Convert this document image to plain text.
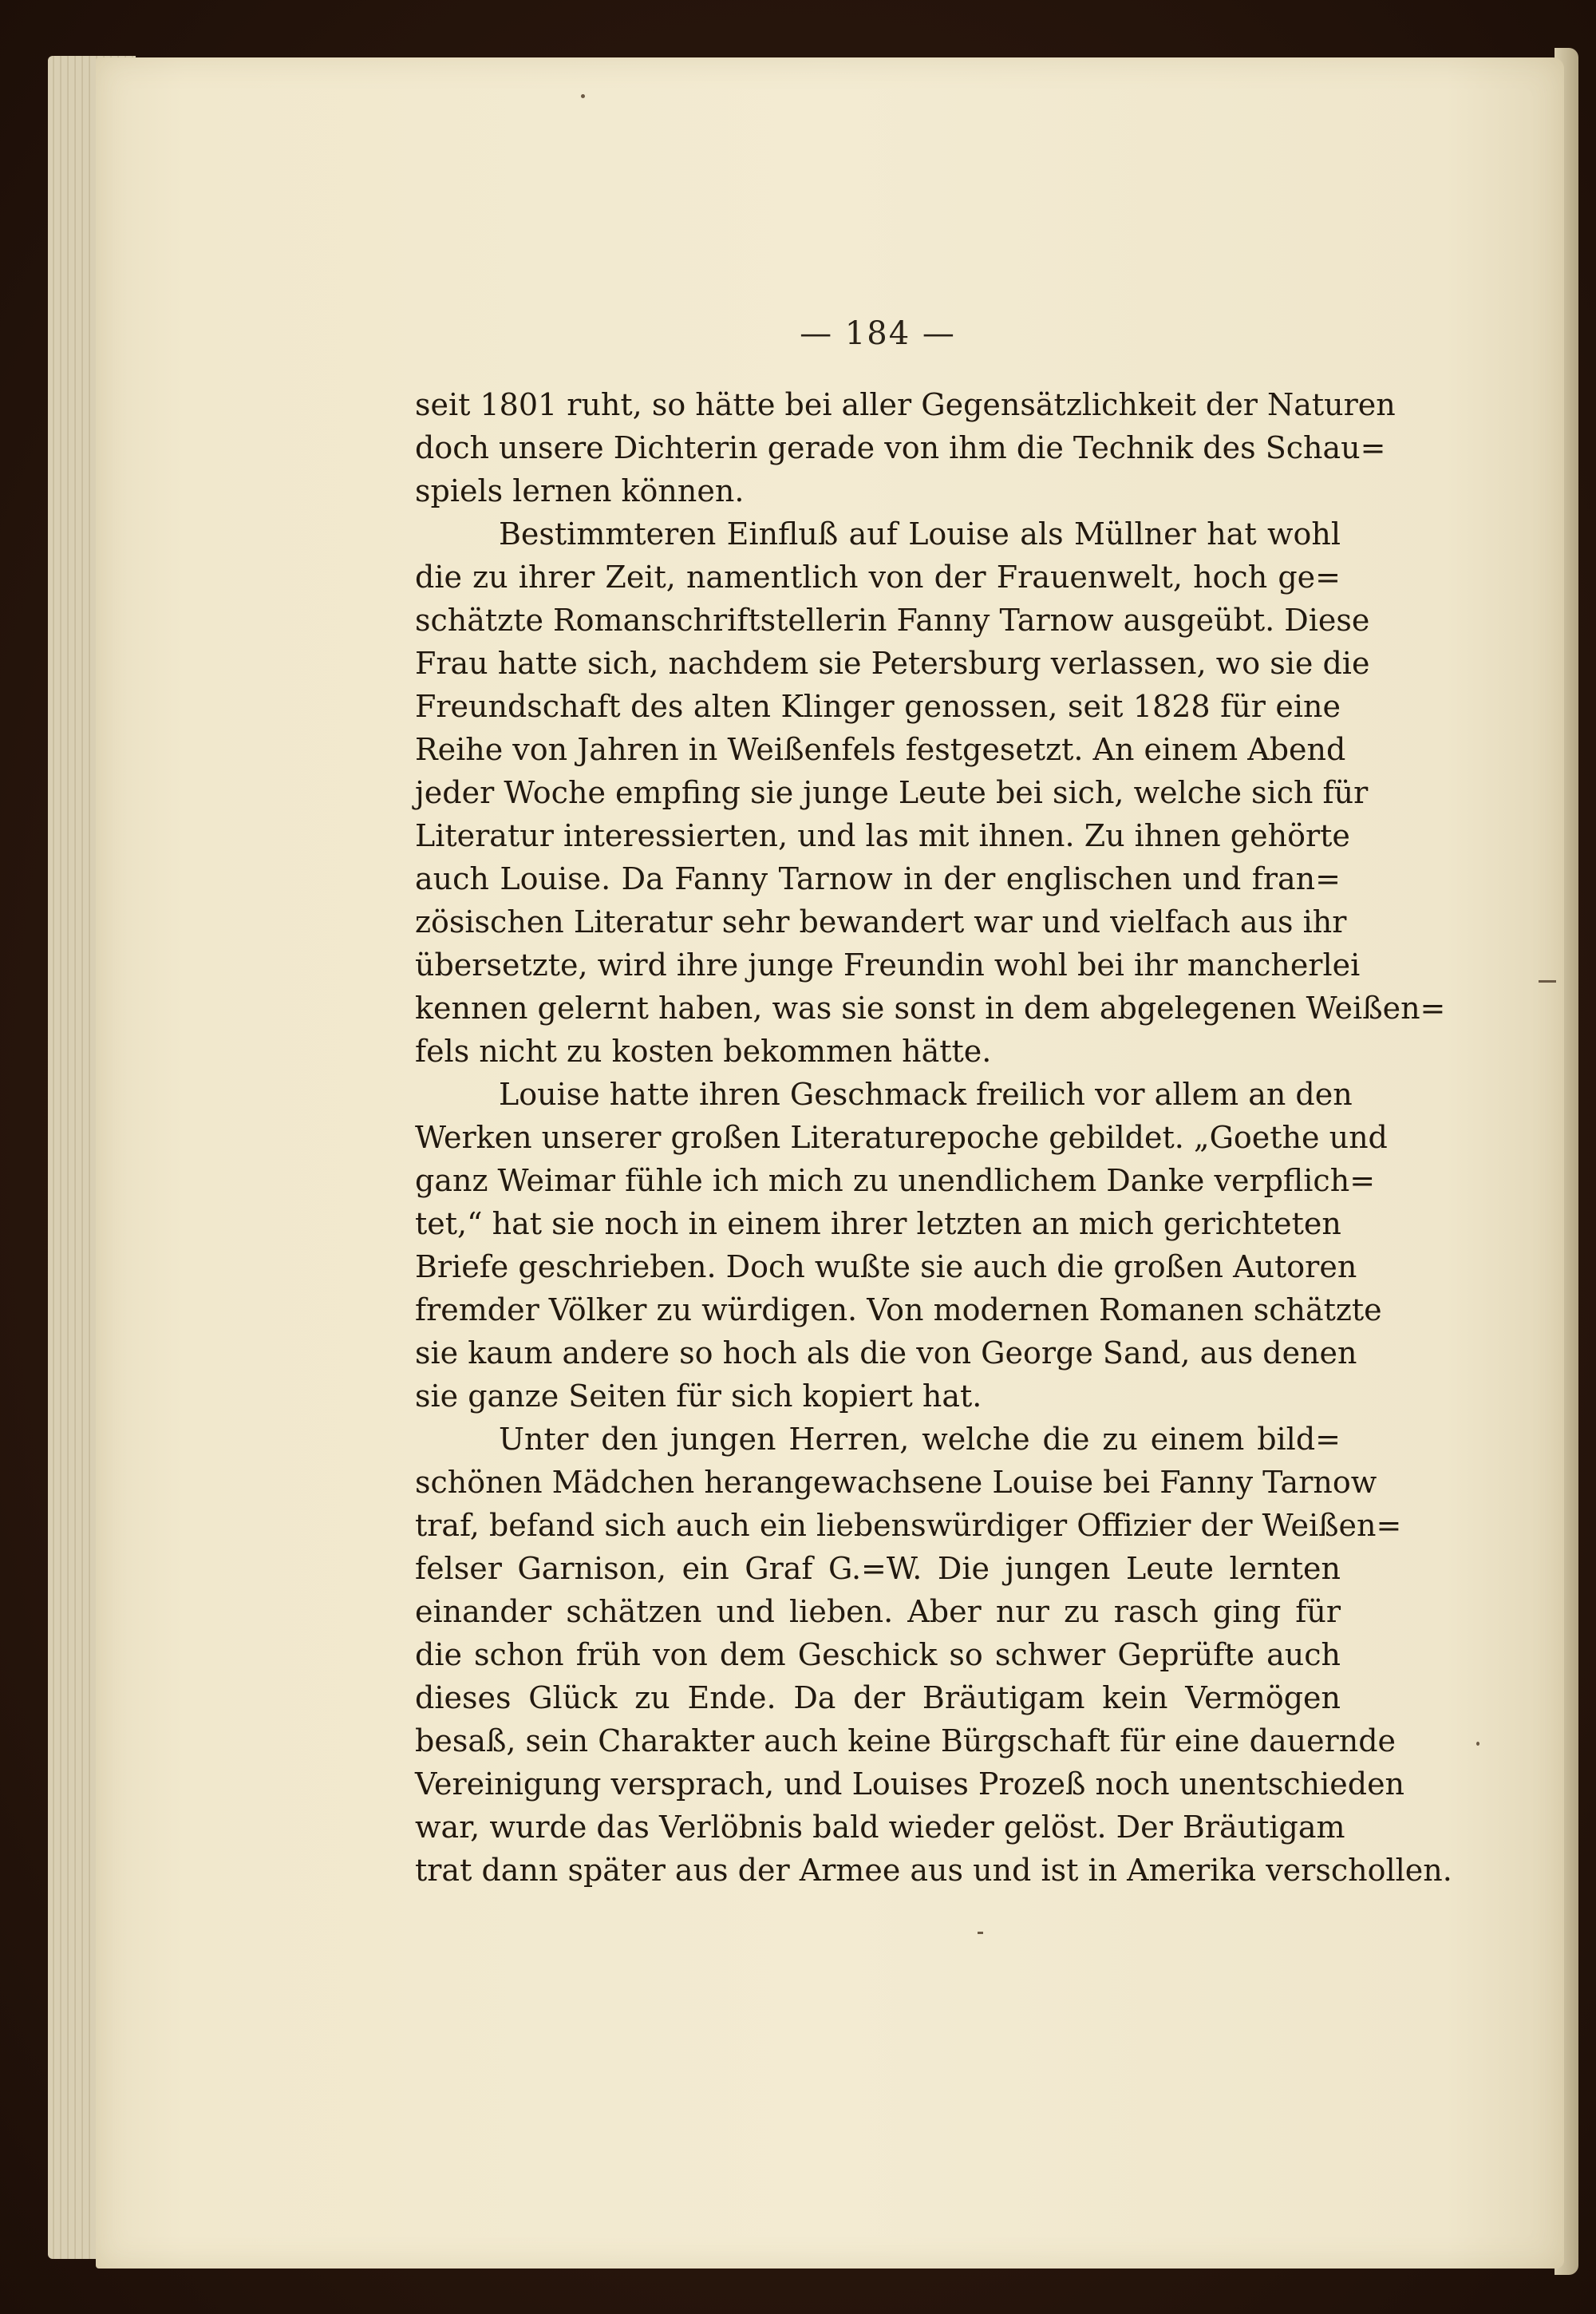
— 184 —
seit 1801 ruht, so hätte bei aller Gegensätzlichkeit der Naturen
doch unsere Dichterin gerade von ihm die Technik des Schau=
spiels lernen können.
Bestimmteren Einfluß auf Louise als Müllner hat wohl
die zu ihrer Zeit, namentlich von der Frauenwelt, hoch ge=
schätzte Romanschriftstellerin Fanny Tarnow ausgeübt. Diese
Frau hatte sich, nachdem sie Petersburg verlassen, wo sie die
Freundschaft des alten Klinger genossen, seit 1828 für eine
Reihe von Jahren in Weißenfels festgesetzt. An einem Abend
jeder Woche empfing sie junge Leute bei sich, welche sich für
Literatur interessierten, und las mit ihnen. Zu ihnen gehörte
auch Louise. Da Fanny Tarnow in der englischen und fran=
zösischen Literatur sehr bewandert war und vielfach aus ihr
übersetzte, wird ihre junge Freundin wohl bei ihr mancherlei
kennen gelernt haben, was sie sonst in dem abgelegenen Weißen=
fels nicht zu kosten bekommen hätte.
Louise hatte ihren Geschmack freilich vor allem an den
Werken unserer großen Literaturepoche gebildet. „Goethe und
ganz Weimar fühle ich mich zu unendlichem Danke verpflich=
tet,“ hat sie noch in einem ihrer letzten an mich gerichteten
Briefe geschrieben. Doch wußte sie auch die großen Autoren
fremder Völker zu würdigen. Von modernen Romanen schätzte
sie kaum andere so hoch als die von George Sand, aus denen
sie ganze Seiten für sich kopiert hat.
Unter den jungen Herren, welche die zu einem bild=
schönen Mädchen herangewachsene Louise bei Fanny Tarnow
traf, befand sich auch ein liebenswürdiger Offizier der Weißen=
felser Garnison, ein Graf G.=W. Die jungen Leute lernten
einander schätzen und lieben. Aber nur zu rasch ging für
die schon früh von dem Geschick so schwer Geprüfte auch
dieses Glück zu Ende. Da der Bräutigam kein Vermögen
besaß, sein Charakter auch keine Bürgschaft für eine dauernde
Vereinigung versprach, und Louises Prozeß noch unentschieden
war, wurde das Verlöbnis bald wieder gelöst. Der Bräutigam
trat dann später aus der Armee aus und ist in Amerika verschollen.
